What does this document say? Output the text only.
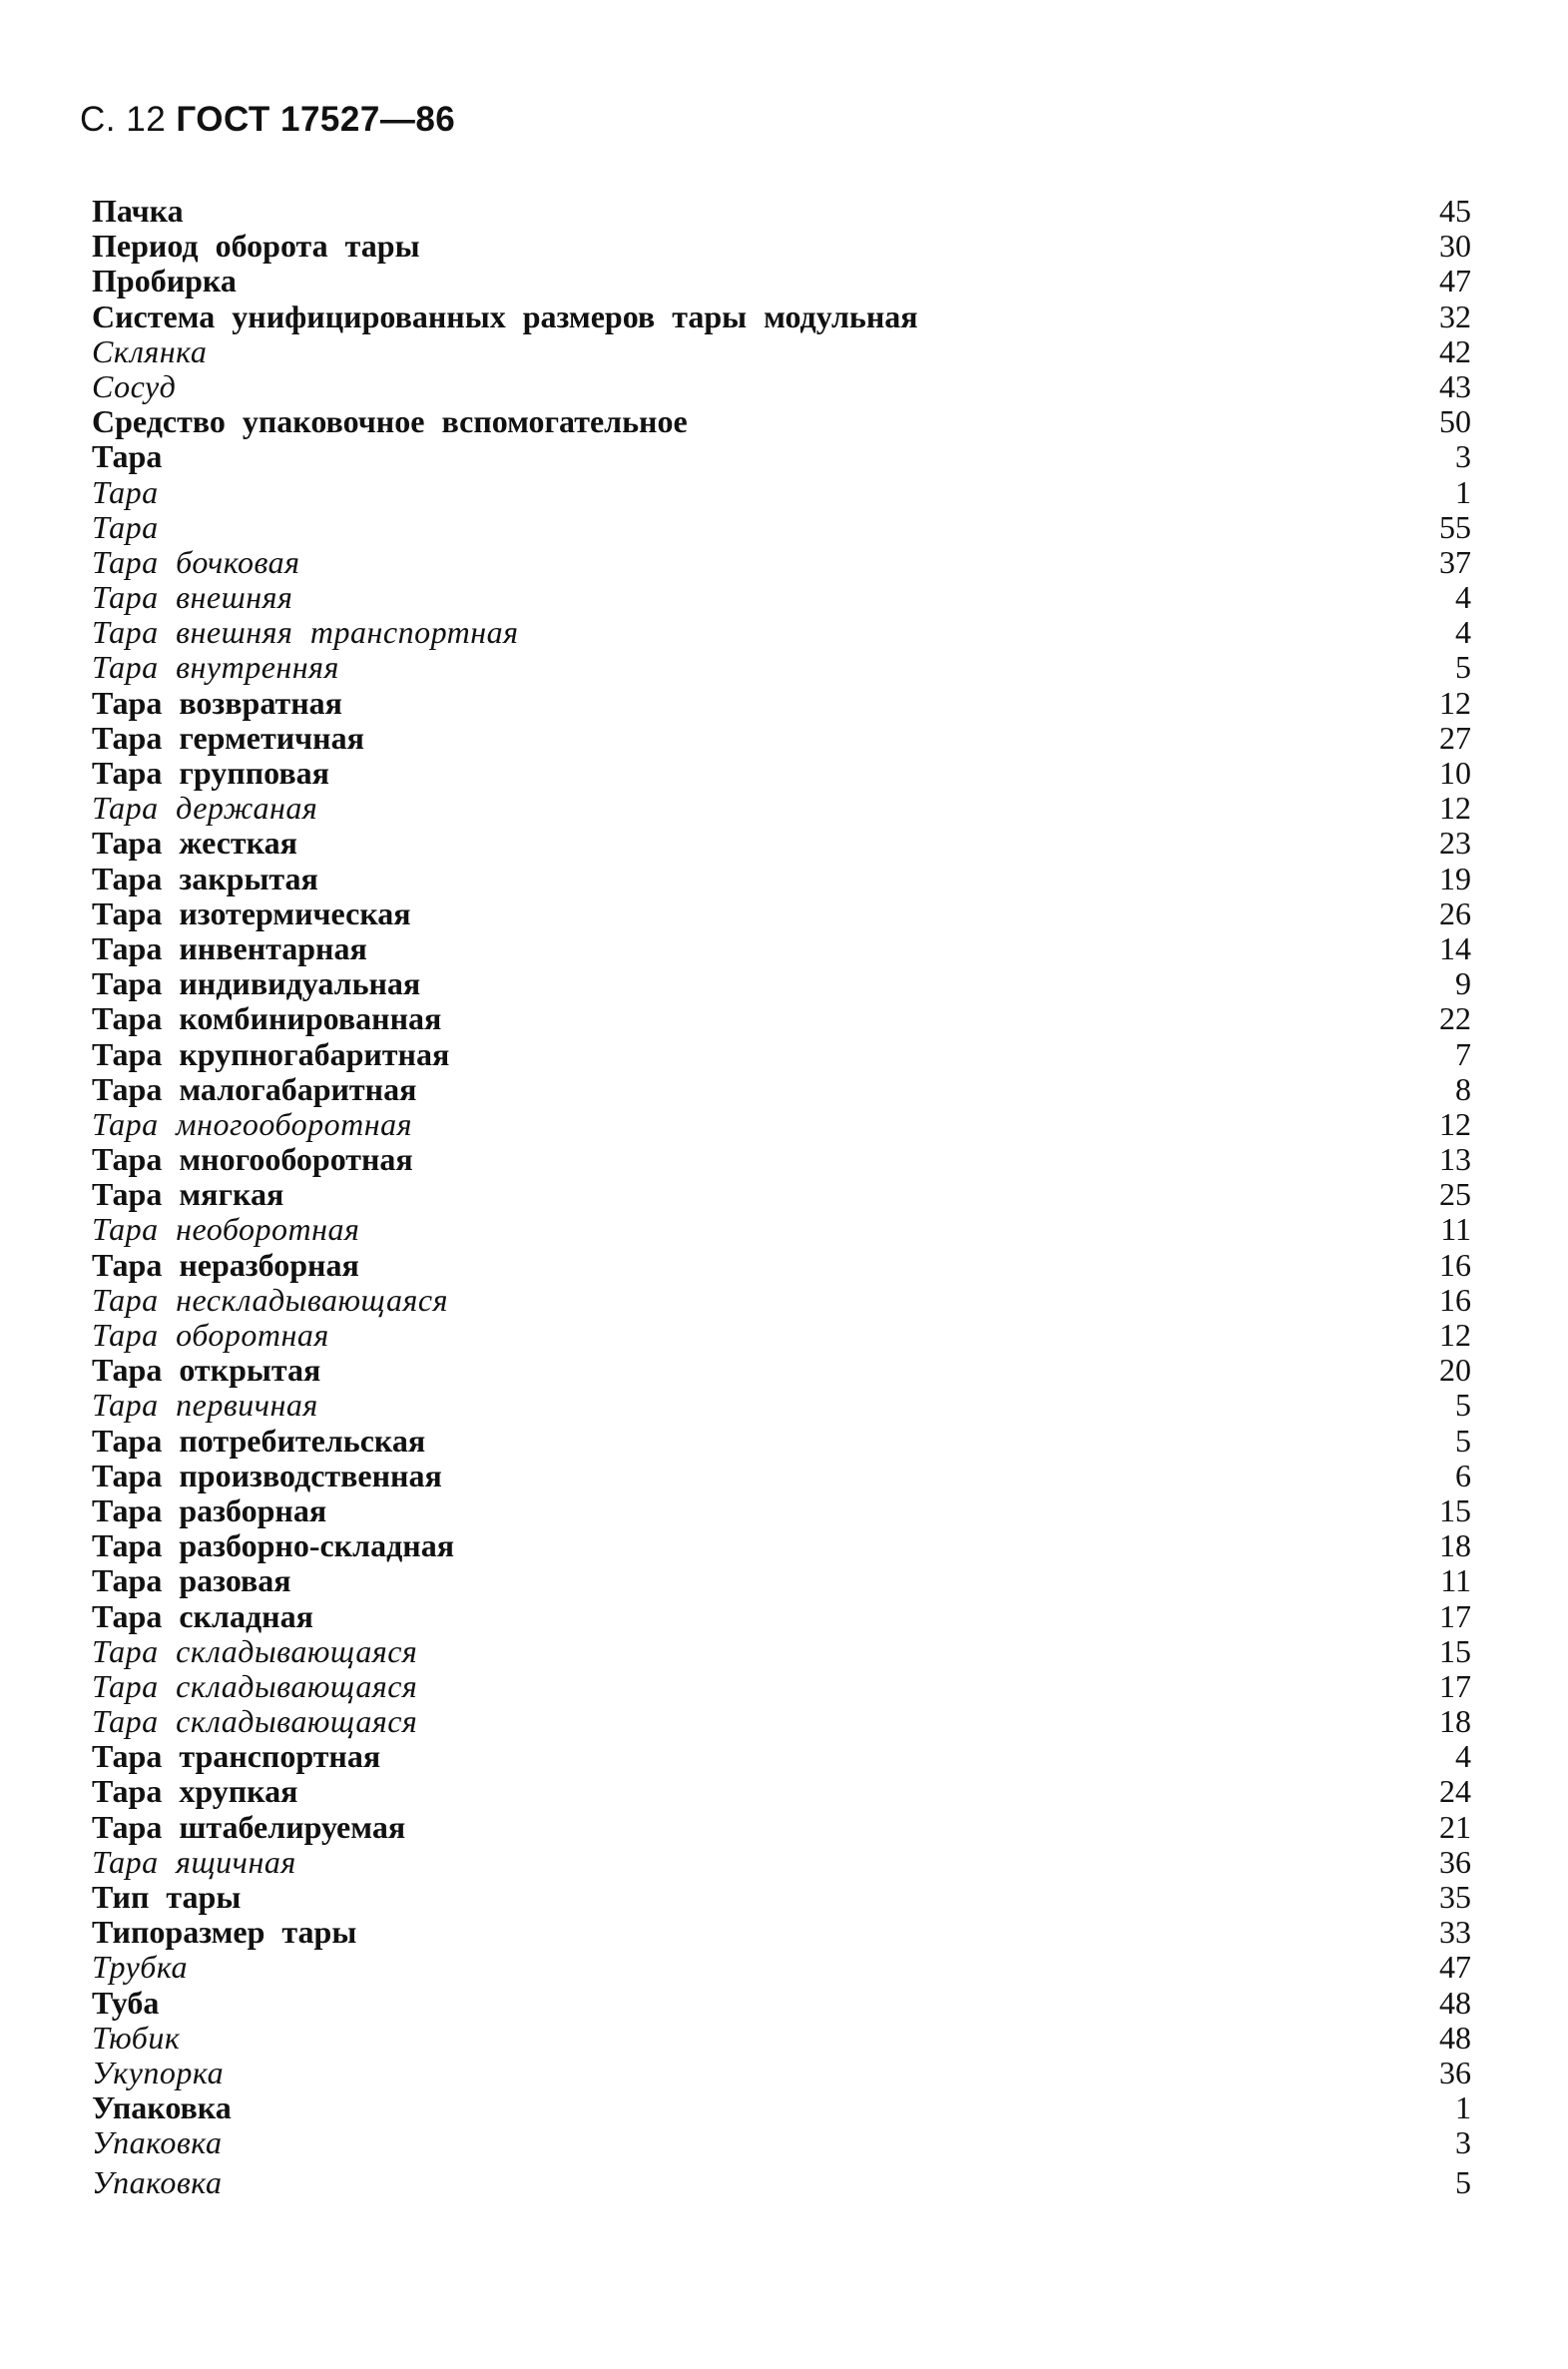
С. 12 ГОСТ 17527—86
Пачка	45
Период оборота тары	30
Пробирка	47
Система унифицированных размеров тары модульная	32
Склянка	42
Сосуд	43
Средство упаковочное вспомогательное	50
Тара	3
Тара	1
Тара	55
Тара бочковая	37
Тара внешняя	4
Тара внешняя транспортная	4
Тара внутренняя	5
Тара возвратная	12
Тара герметичная	27
Тара групповая	10
Тара держаная	12
Тара жесткая	23
Тара закрытая	19
Тара изотермическая	26
Тара инвентарная	14
Тара индивидуальная	9
Тара комбинированная	22
Тара крупногабаритная	7
Тара малогабаритная	8
Тара многооборотная	12
Тара многооборотная	13
Тара мягкая	25
Тара необоротная	11
Тара неразборная	16
Тара нескладывающаяся	16
Тара оборотная	12
Тара открытая	20
Тара первичная	5
Тара потребительская	5
Тара производственная	6
Тара разборная	15
Тара разборно-складная	18
Тара разовая	11
Тара складная	17
Тара складывающаяся	15
Тара складывающаяся	17
Тара складывающаяся	18
Тара транспортная	4
Тара хрупкая	24
Тара штабелируемая	21
Тара ящичная	36
Тип тары	35
Типоразмер тары	33
Трубка	47
Туба	48
Тюбик	48
Укупорка	36
Упаковка	1
Упаковка	3
Упаковка	5
